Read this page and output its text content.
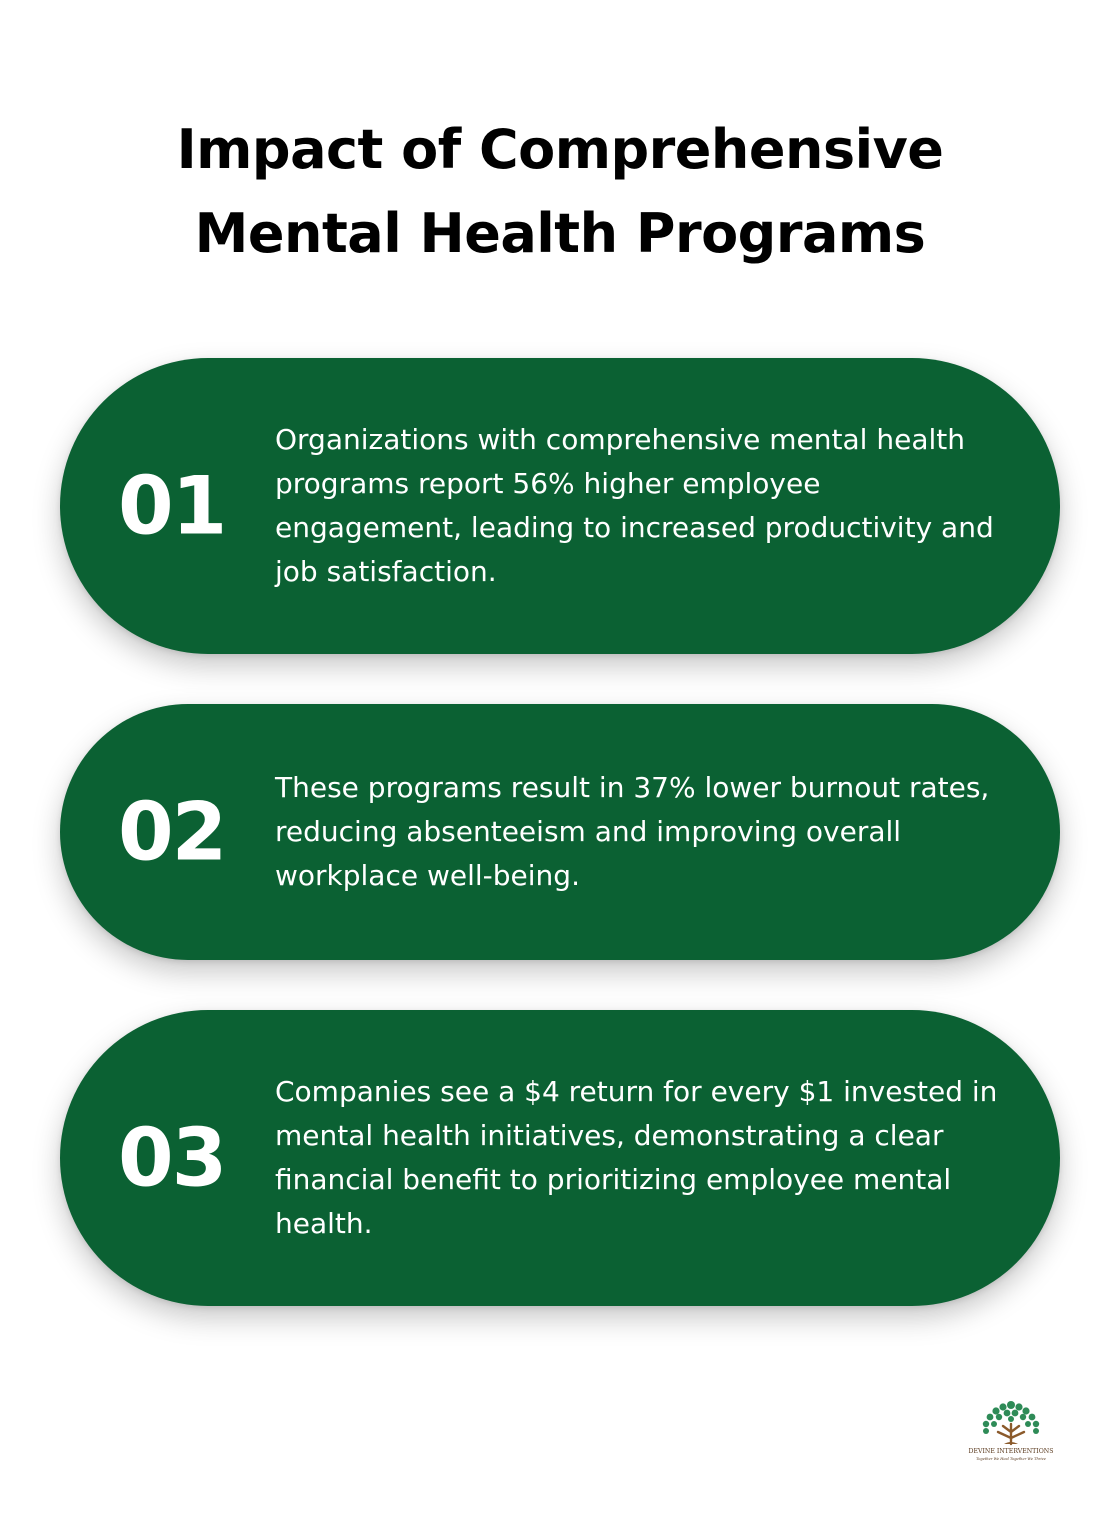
Impact of Comprehensive
Mental Health Programs
01
Organizations with comprehensive mental health programs report 56% higher employee engagement, leading to increased productivity and job satisfaction.
02 These programs result in 37% lower burnout rates, reducing absenteeism and improving overall workplace well-being.
03
Companies see a $4 return for every $1 invested in mental health initiatives, demonstrating a clear financial benefit to prioritizing employee mental health.
DEVINE INTERVENTIONS
Together We Heal Together We Thrive
